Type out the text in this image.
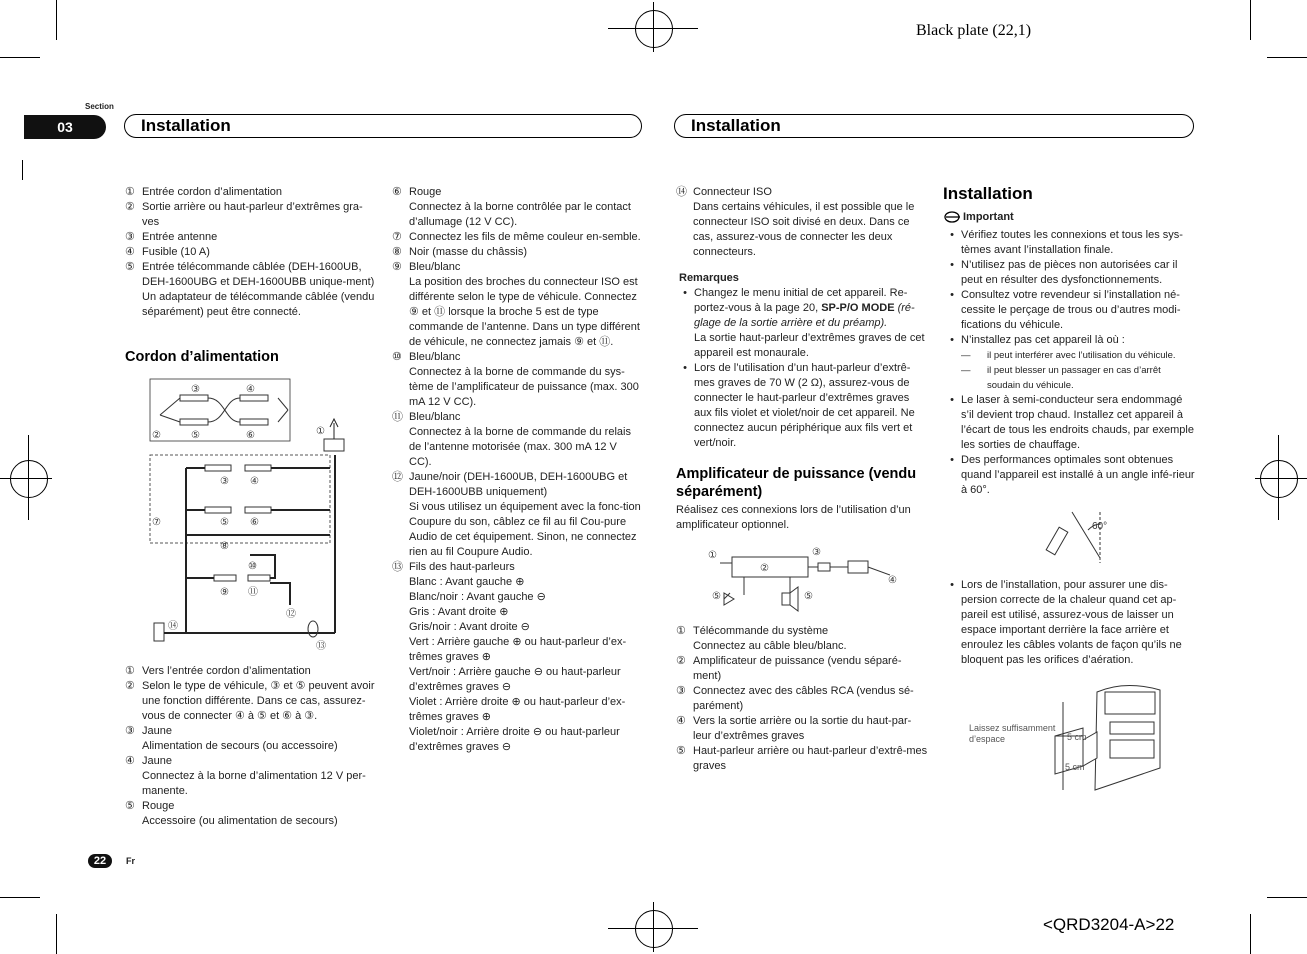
Black plate (22,1)
Section
03	Installation	Installation
① Entrée cordon d’alimentation
② Sortie arrière ou haut-parleur d’extrêmes gra-ves
③ Entrée antenne
④ Fusible (10 A)
⑤ Entrée télécommande câblée (DEH-1600UB, DEH-1600UBG et DEH-1600UBB unique-ment)
Un adaptateur de télécommande câblée (vendu séparément) peut être connecté.
Cordon d’alimentation
③	④
②	⑤	⑥	①
③ ④
⑦	⑤ ⑥
⑧
⑩
⑨ ⑪
⑫
⑭
⑬
① Vers l’entrée cordon d’alimentation
② Selon le type de véhicule, ③ et ⑤ peuvent avoir une fonction différente. Dans ce cas, assurez-vous de connecter ④ à ⑤ et ⑥ à ③.
③ Jaune
Alimentation de secours (ou accessoire)
④ Jaune
Connectez à la borne d’alimentation 12 V per-manente.
⑤ Rouge
Accessoire (ou alimentation de secours)
⑥ Rouge
Connectez à la borne contrôlée par le contact d’allumage (12 V CC).
⑦ Connectez les fils de même couleur en-semble.
⑧ Noir (masse du châssis)
⑨ Bleu/blanc
La position des broches du connecteur ISO est différente selon le type de véhicule. Connectez ⑨ et ⑪ lorsque la broche 5 est de type commande de l’antenne. Dans un type différent de véhicule, ne connectez jamais ⑨ et ⑪.
⑩ Bleu/blanc
Connectez à la borne de commande du sys-tème de l’amplificateur de puissance (max. 300 mA 12 V CC).
⑪ Bleu/blanc
Connectez à la borne de commande du relais de l’antenne motorisée (max. 300 mA 12 V CC).
⑫ Jaune/noir (DEH-1600UB, DEH-1600UBG et DEH-1600UBB uniquement)
Si vous utilisez un équipement avec la fonc-tion Coupure du son, câblez ce fil au fil Cou-pure Audio de cet équipement. Sinon, ne connectez rien au fil Coupure Audio.
⑬ Fils des haut-parleurs
Blanc : Avant gauche ⊕
Blanc/noir : Avant gauche ⊖
Gris : Avant droite ⊕
Gris/noir : Avant droite ⊖
Vert : Arrière gauche ⊕ ou haut-parleur d’ex-trêmes graves ⊕
Vert/noir : Arrière gauche ⊖ ou haut-parleur d’extrêmes graves ⊖
Violet : Arrière droite ⊕ ou haut-parleur d’ex-trêmes graves ⊕
Violet/noir : Arrière droite ⊖ ou haut-parleur d’extrêmes graves ⊖
⑭ Connecteur ISO
Dans certains véhicules, il est possible que le connecteur ISO soit divisé en deux. Dans ce cas, assurez-vous de connecter les deux connecteurs.
Remarques
• Changez le menu initial de cet appareil. Re-portez-vous à la page 20, SP-P/O MODE (ré-glage de la sortie arrière et du préamp).
La sortie haut-parleur d’extrêmes graves de cet appareil est monaurale.
• Lors de l’utilisation d’un haut-parleur d’extrê-mes graves de 70 W (2 Ω), assurez-vous de connecter le haut-parleur d’extrêmes graves aux fils violet et violet/noir de cet appareil. Ne connectez aucun périphérique aux fils vert et vert/noir.
Amplificateur de puissance (vendu séparément)
Réalisez ces connexions lors de l’utilisation d’un amplificateur optionnel.
①
②
③
④
⑤	⑤
① Télécommande du système
Connectez au câble bleu/blanc.
② Amplificateur de puissance (vendu séparé-ment)
③ Connectez avec des câbles RCA (vendus sé-parément)
④ Vers la sortie arrière ou la sortie du haut-par-leur d’extrêmes graves
⑤ Haut-parleur arrière ou haut-parleur d’extrê-mes graves
Installation
Important
• Vérifiez toutes les connexions et tous les sys-tèmes avant l’installation finale.
• N’utilisez pas de pièces non autorisées car il peut en résulter des dysfonctionnements.
• Consultez votre revendeur si l’installation né-cessite le perçage de trous ou d’autres modi-fications du véhicule.
• N’installez pas cet appareil là où :
—	il peut interférer avec l’utilisation du véhicule.
—	il peut blesser un passager en cas d’arrêt soudain du véhicule.
• Le laser à semi-conducteur sera endommagé s’il devient trop chaud. Installez cet appareil à l’écart de tous les endroits chauds, par exemple les sorties de chauffage.
• Des performances optimales sont obtenues quand l’appareil est installé à un angle infé-rieur à 60°.
60°
• Lors de l’installation, pour assurer une dis-persion correcte de la chaleur quand cet ap-pareil est utilisé, assurez-vous de laisser un espace important derrière la face arrière et enroulez les câbles volants de façon qu’ils ne bloquent pas les orifices d’aération.
Laissez suffisamment
d’espace	5 cm
5 cm
22	Fr
<QRD3204-A>22
